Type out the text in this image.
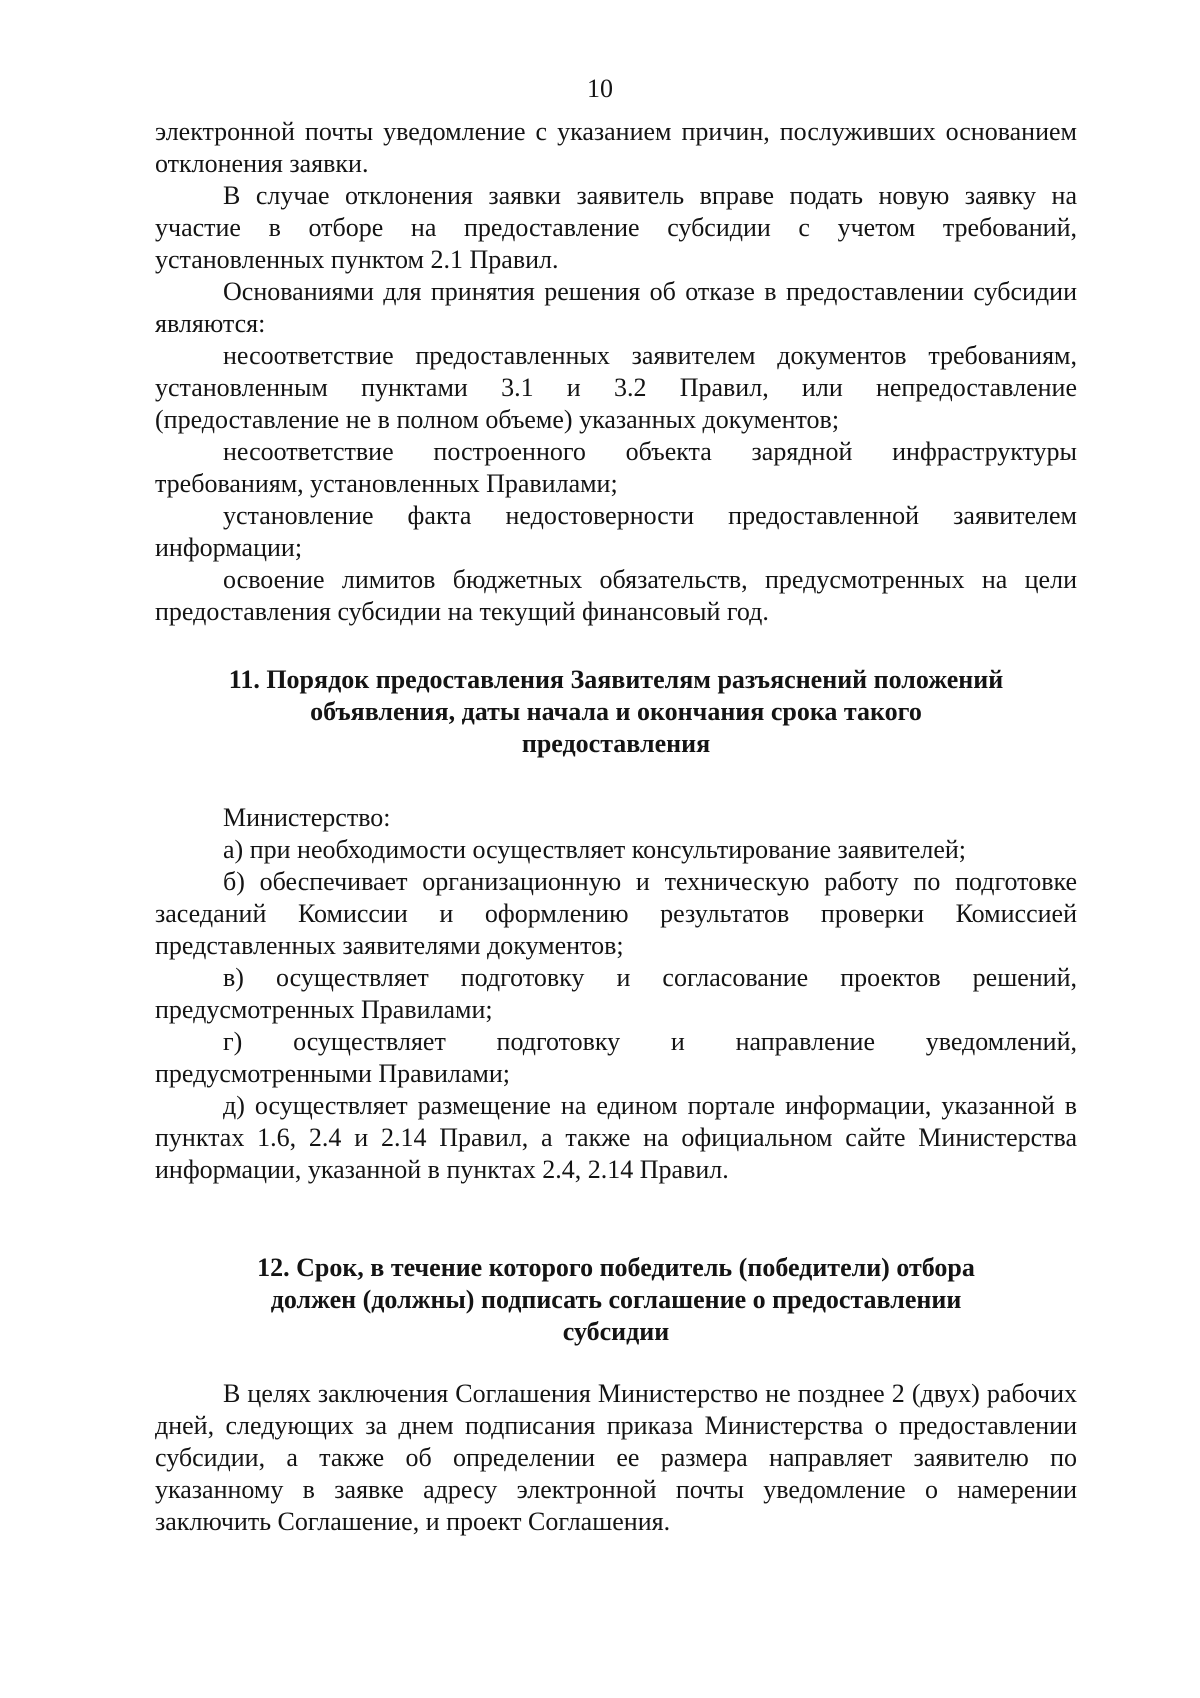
10

электронной почты уведомление с указанием причин, послуживших основанием отклонения заявки.

В случае отклонения заявки заявитель вправе подать новую заявку на участие в отборе на предоставление субсидии с учетом требований, установленных пунктом 2.1 Правил.

Основаниями для принятия решения об отказе в предоставлении субсидии являются:

несоответствие предоставленных заявителем документов требованиям, установленным пунктами 3.1 и 3.2 Правил, или непредоставление (предоставление не в полном объеме) указанных документов;

несоответствие построенного объекта зарядной инфраструктуры требованиям, установленных Правилами;

установление факта недостоверности предоставленной заявителем информации;

освоение лимитов бюджетных обязательств, предусмотренных на цели предоставления субсидии на текущий финансовый год.

11. Порядок предоставления Заявителям разъяснений положений
объявления, даты начала и окончания срока такого
предоставления

Министерство:

а) при необходимости осуществляет консультирование заявителей;

б) обеспечивает организационную и техническую работу по подготовке заседаний Комиссии и оформлению результатов проверки Комиссией представленных заявителями документов;

в) осуществляет подготовку и согласование проектов решений, предусмотренных Правилами;

г) осуществляет подготовку и направление уведомлений, предусмотренными Правилами;

д) осуществляет размещение на едином портале информации, указанной в пунктах 1.6, 2.4 и 2.14 Правил, а также на официальном сайте Министерства информации, указанной в пунктах 2.4, 2.14 Правил.

12. Срок, в течение которого победитель (победители) отбора
должен (должны) подписать соглашение о предоставлении
субсидии

В целях заключения Соглашения Министерство не позднее 2 (двух) рабочих дней, следующих за днем подписания приказа Министерства о предоставлении субсидии, а также об определении ее размера направляет заявителю по указанному в заявке адресу электронной почты уведомление о намерении заключить Соглашение, и проект Соглашения.
